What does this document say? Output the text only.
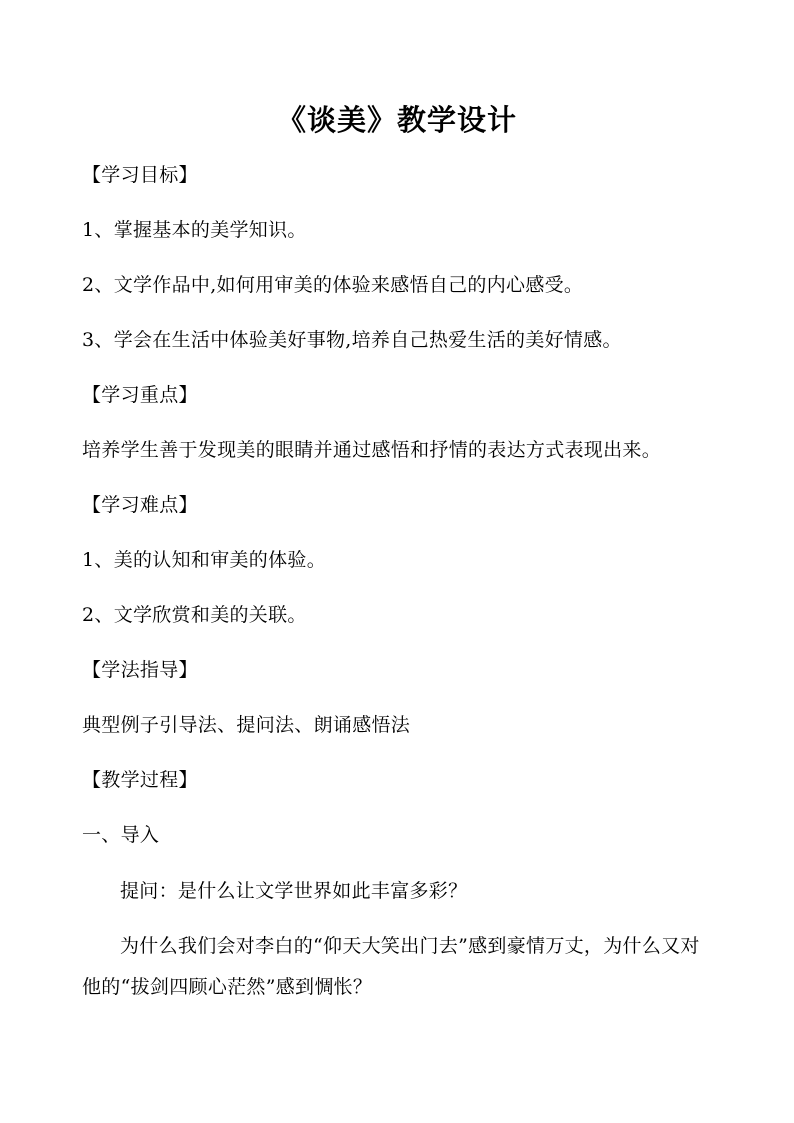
《谈美》教学设计
【学习目标】
1、掌握基本的美学知识。
2、文学作品中,如何用审美的体验来感悟自己的内心感受。
3、学会在生活中体验美好事物,培养自己热爱生活的美好情感。
【学习重点】
培养学生善于发现美的眼睛并通过感悟和抒情的表达方式表现出来。
【学习难点】
1、美的认知和审美的体验。
2、文学欣赏和美的关联。
【学法指导】
典型例子引导法、提问法、朗诵感悟法
【教学过程】
一、导入
提问：是什么让文学世界如此丰富多彩？
为什么我们会对李白的“仰天大笑出门去”感到豪情万丈，为什么又对
他的“拔剑四顾心茫然”感到惆怅？
